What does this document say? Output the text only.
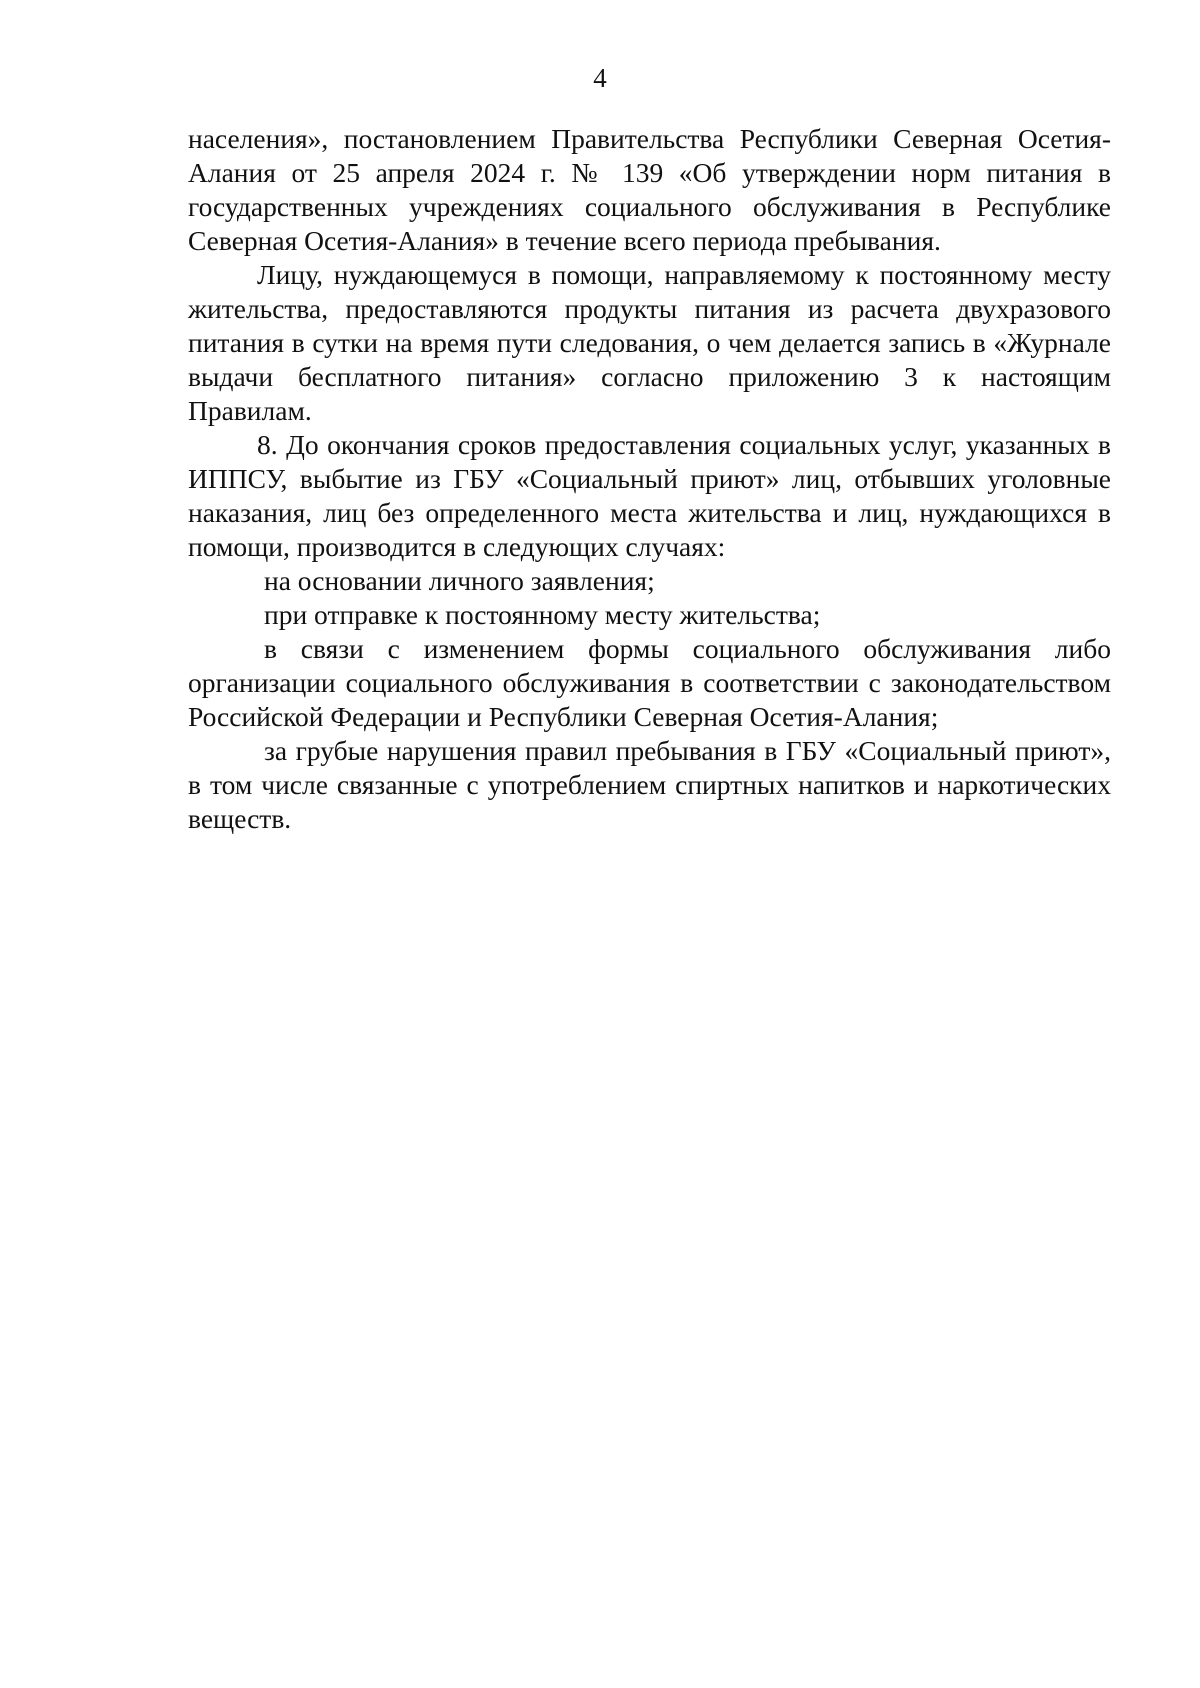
4

населения», постановлением Правительства Республики Северная Осетия-Алания от 25 апреля 2024 г. № 139 «Об утверждении норм питания в государственных учреждениях социального обслуживания в Республике Северная Осетия-Алания» в течение всего периода пребывания.

Лицу, нуждающемуся в помощи, направляемому к постоянному месту жительства, предоставляются продукты питания из расчета двухразового питания в сутки на время пути следования, о чем делается запись в «Журнале выдачи бесплатного питания» согласно приложению 3 к настоящим Правилам.

8. До окончания сроков предоставления социальных услуг, указанных в ИППСУ, выбытие из ГБУ «Социальный приют» лиц, отбывших уголовные наказания, лиц без определенного места жительства и лиц, нуждающихся в помощи, производится в следующих случаях:

на основании личного заявления;

при отправке к постоянному месту жительства;

в связи с изменением формы социального обслуживания либо организации социального обслуживания в соответствии с законодательством Российской Федерации и Республики Северная Осетия-Алания;

за грубые нарушения правил пребывания в ГБУ «Социальный приют», в том числе связанные с употреблением спиртных напитков и наркотических веществ.
